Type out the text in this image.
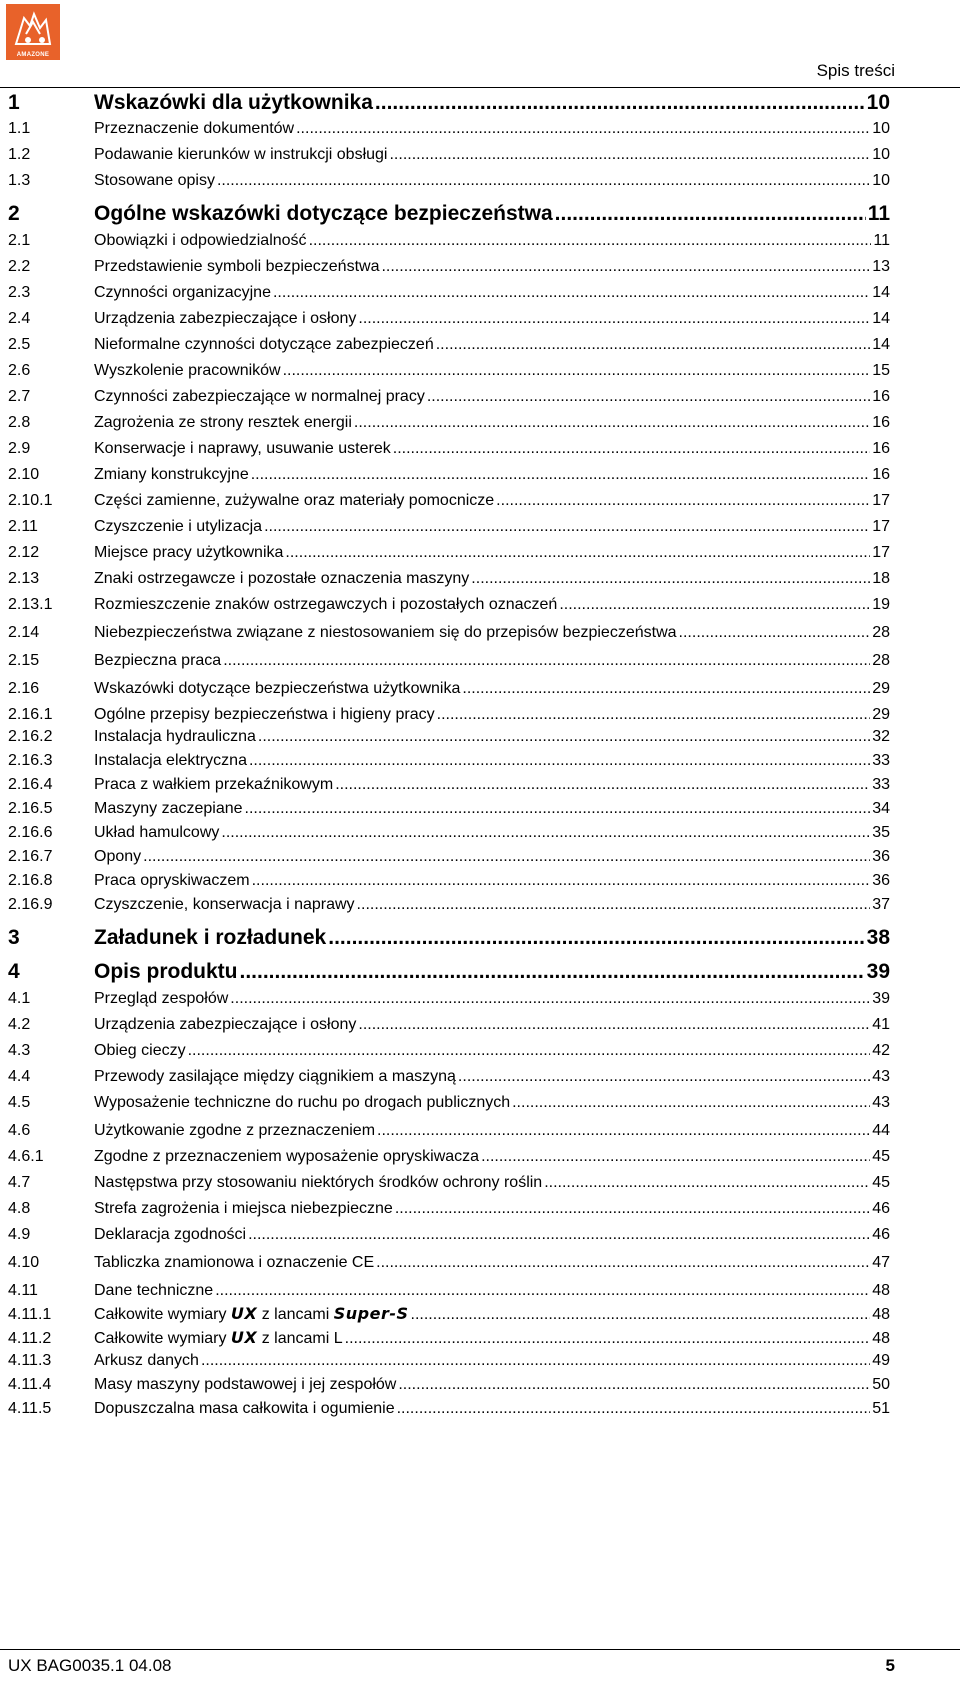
AMAZONE
Spis treści
1	Wskazówki dla użytkownika .....	10
1.1	Przeznaczenie dokumentów .....	10
1.2	Podawanie kierunków w instrukcji obsługi .....	10
1.3	Stosowane opisy .....	10
2	Ogólne wskazówki dotyczące bezpieczeństwa .....	11
2.1	Obowiązki i odpowiedzialność .....	11
2.2	Przedstawienie symboli bezpieczeństwa .....	13
2.3	Czynności organizacyjne .....	14
2.4	Urządzenia zabezpieczające i osłony .....	14
2.5	Nieformalne czynności dotyczące zabezpieczeń .....	14
2.6	Wyszkolenie pracowników .....	15
2.7	Czynności zabezpieczające w normalnej pracy .....	16
2.8	Zagrożenia ze strony resztek energii .....	16
2.9	Konserwacje i naprawy, usuwanie usterek .....	16
2.10	Zmiany konstrukcyjne .....	16
2.10.1	Części zamienne, zużywalne oraz materiały pomocnicze .....	17
2.11	Czyszczenie i utylizacja .....	17
2.12	Miejsce pracy użytkownika .....	17
2.13	Znaki ostrzegawcze i pozostałe oznaczenia maszyny .....	18
2.13.1	Rozmieszczenie znaków ostrzegawczych i pozostałych oznaczeń .....	19
2.14	Niebezpieczeństwa związane z niestosowaniem się do przepisów bezpieczeństwa .....	28
2.15	Bezpieczna praca .....	28
2.16	Wskazówki dotyczące bezpieczeństwa użytkownika .....	29
2.16.1	Ogólne przepisy bezpieczeństwa i higieny pracy .....	29
2.16.2	Instalacja hydrauliczna .....	32
2.16.3	Instalacja elektryczna .....	33
2.16.4	Praca z wałkiem przekaźnikowym .....	33
2.16.5	Maszyny zaczepiane .....	34
2.16.6	Układ hamulcowy .....	35
2.16.7	Opony .....	36
2.16.8	Praca opryskiwaczem .....	36
2.16.9	Czyszczenie, konserwacja i naprawy .....	37
3	Załadunek i rozładunek .....	38
4	Opis produktu .....	39
4.1	Przegląd zespołów .....	39
4.2	Urządzenia zabezpieczające i osłony .....	41
4.3	Obieg cieczy .....	42
4.4	Przewody zasilające między ciągnikiem a maszyną .....	43
4.5	Wyposażenie techniczne do ruchu po drogach publicznych .....	43
4.6	Użytkowanie zgodne z przeznaczeniem .....	44
4.6.1	Zgodne z przeznaczeniem wyposażenie opryskiwacza .....	45
4.7	Następstwa przy stosowaniu niektórych środków ochrony roślin .....	45
4.8	Strefa zagrożenia i miejsca niebezpieczne .....	46
4.9	Deklaracja zgodności .....	46
4.10	Tabliczka znamionowa i oznaczenie CE .....	47
4.11	Dane techniczne .....	48
4.11.1	Całkowite wymiary UX z lancami Super-S .....	48
4.11.2	Całkowite wymiary UX z lancami L .....	48
4.11.3	Arkusz danych .....	49
4.11.4	Masy maszyny podstawowej i jej zespołów .....	50
4.11.5	Dopuszczalna masa całkowita i ogumienie .....	51
UX BAG0035.1 04.08	5
